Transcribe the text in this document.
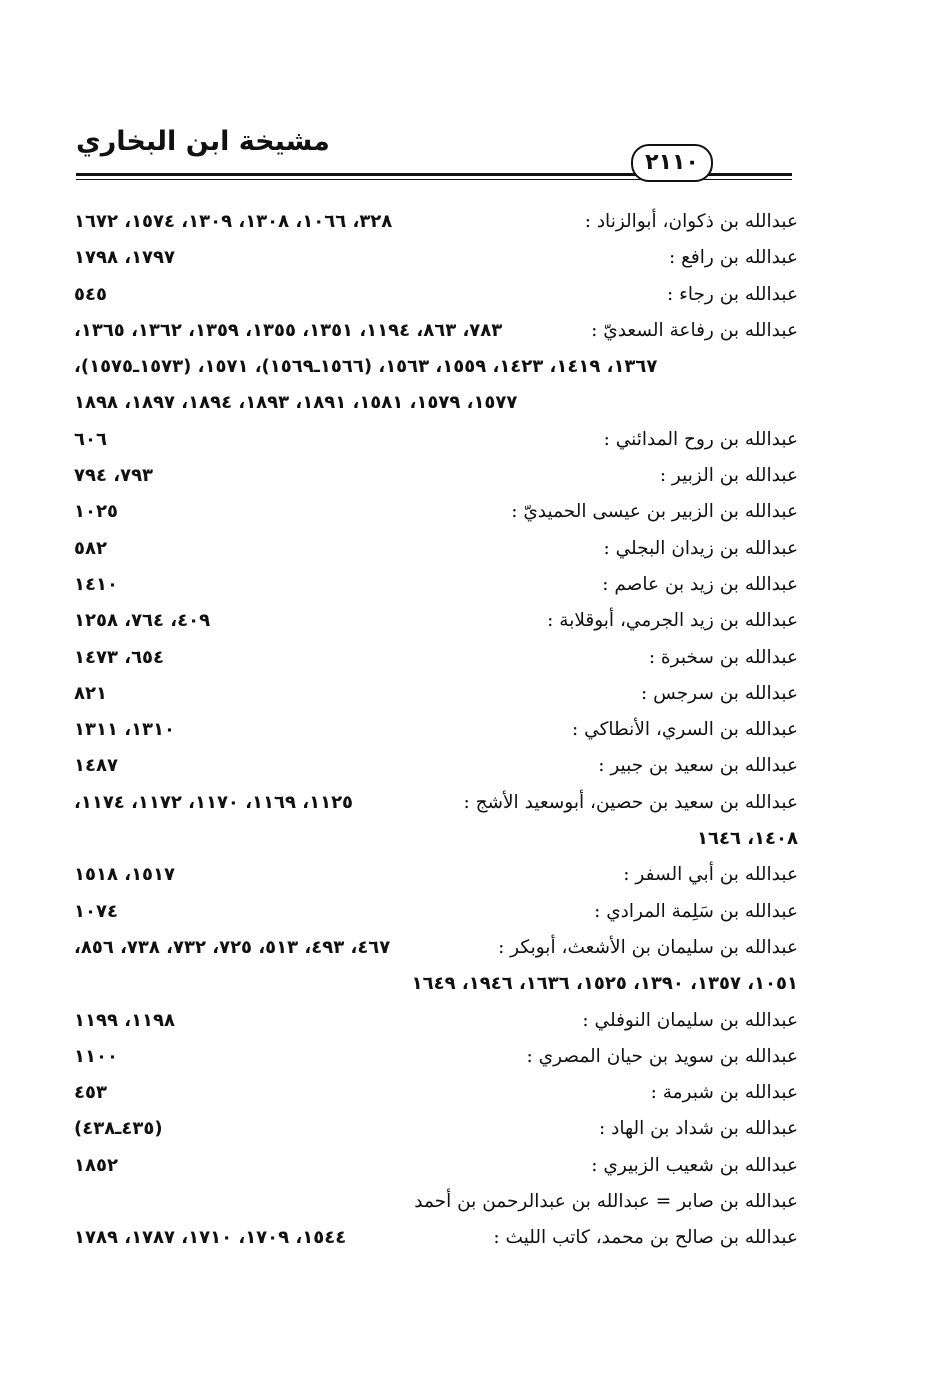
مشيخة ابن البخاري
٢١١٠
عبدالله بن ذكوان، أبوالزناد :
٣٢٨، ١٠٦٦، ١٣٠٨، ١٣٠٩، ١٥٧٤، ١٦٧٢
عبدالله بن رافع :
١٧٩٧، ١٧٩٨
عبدالله بن رجاء :
٥٤٥
عبدالله بن رفاعة السعديّ :
٧٨٣، ٨٦٣، ١١٩٤، ١٣٥١، ١٣٥٥، ١٣٥٩، ١٣٦٢، ١٣٦٥،
١٣٦٧، ١٤١٩، ١٤٢٣، ١٥٥٩، ١٥٦٣، (١٥٦٦ـ١٥٦٩)، ١٥٧١، (١٥٧٣ـ١٥٧٥)،
١٥٧٧، ١٥٧٩، ١٥٨١، ١٨٩١، ١٨٩٣، ١٨٩٤، ١٨٩٧، ١٨٩٨
عبدالله بن روح المدائني :
٦٠٦
عبدالله بن الزبير :
٧٩٣، ٧٩٤
عبدالله بن الزبير بن عيسى الحميديّ :
١٠٢٥
عبدالله بن زيدان البجلي :
٥٨٢
عبدالله بن زيد بن عاصم :
١٤١٠
عبدالله بن زيد الجرمي، أبوقلابة :
٤٠٩، ٧٦٤، ١٢٥٨
عبدالله بن سخبرة :
٦٥٤، ١٤٧٣
عبدالله بن سرجس :
٨٢١
عبدالله بن السري، الأنطاكي :
١٣١٠، ١٣١١
عبدالله بن سعيد بن جبير :
١٤٨٧
عبدالله بن سعيد بن حصين، أبوسعيد الأشج :
١١٢٥، ١١٦٩، ١١٧٠، ١١٧٢، ١١٧٤،
١٤٠٨، ١٦٤٦
عبدالله بن أبي السفر :
١٥١٧، ١٥١٨
عبدالله بن سَلِمة المرادي :
١٠٧٤
عبدالله بن سليمان بن الأشعث، أبوبكر :
٤٦٧، ٤٩٣، ٥١٣، ٧٢٥، ٧٣٢، ٧٣٨، ٨٥٦،
١٠٥١، ١٣٥٧، ١٣٩٠، ١٥٢٥، ١٦٣٦، ١٩٤٦، ١٦٤٩
عبدالله بن سليمان النوفلي :
١١٩٨، ١١٩٩
عبدالله بن سويد بن حيان المصري :
١١٠٠
عبدالله بن شبرمة :
٤٥٣
عبدالله بن شداد بن الهاد :
(٤٣٥ـ٤٣٨)
عبدالله بن شعيب الزبيري :
١٨٥٢
عبدالله بن صابر = عبدالله بن عبدالرحمن بن أحمد
عبدالله بن صالح بن محمد، كاتب الليث :
١٥٤٤، ١٧٠٩، ١٧١٠، ١٧٨٧، ١٧٨٩
